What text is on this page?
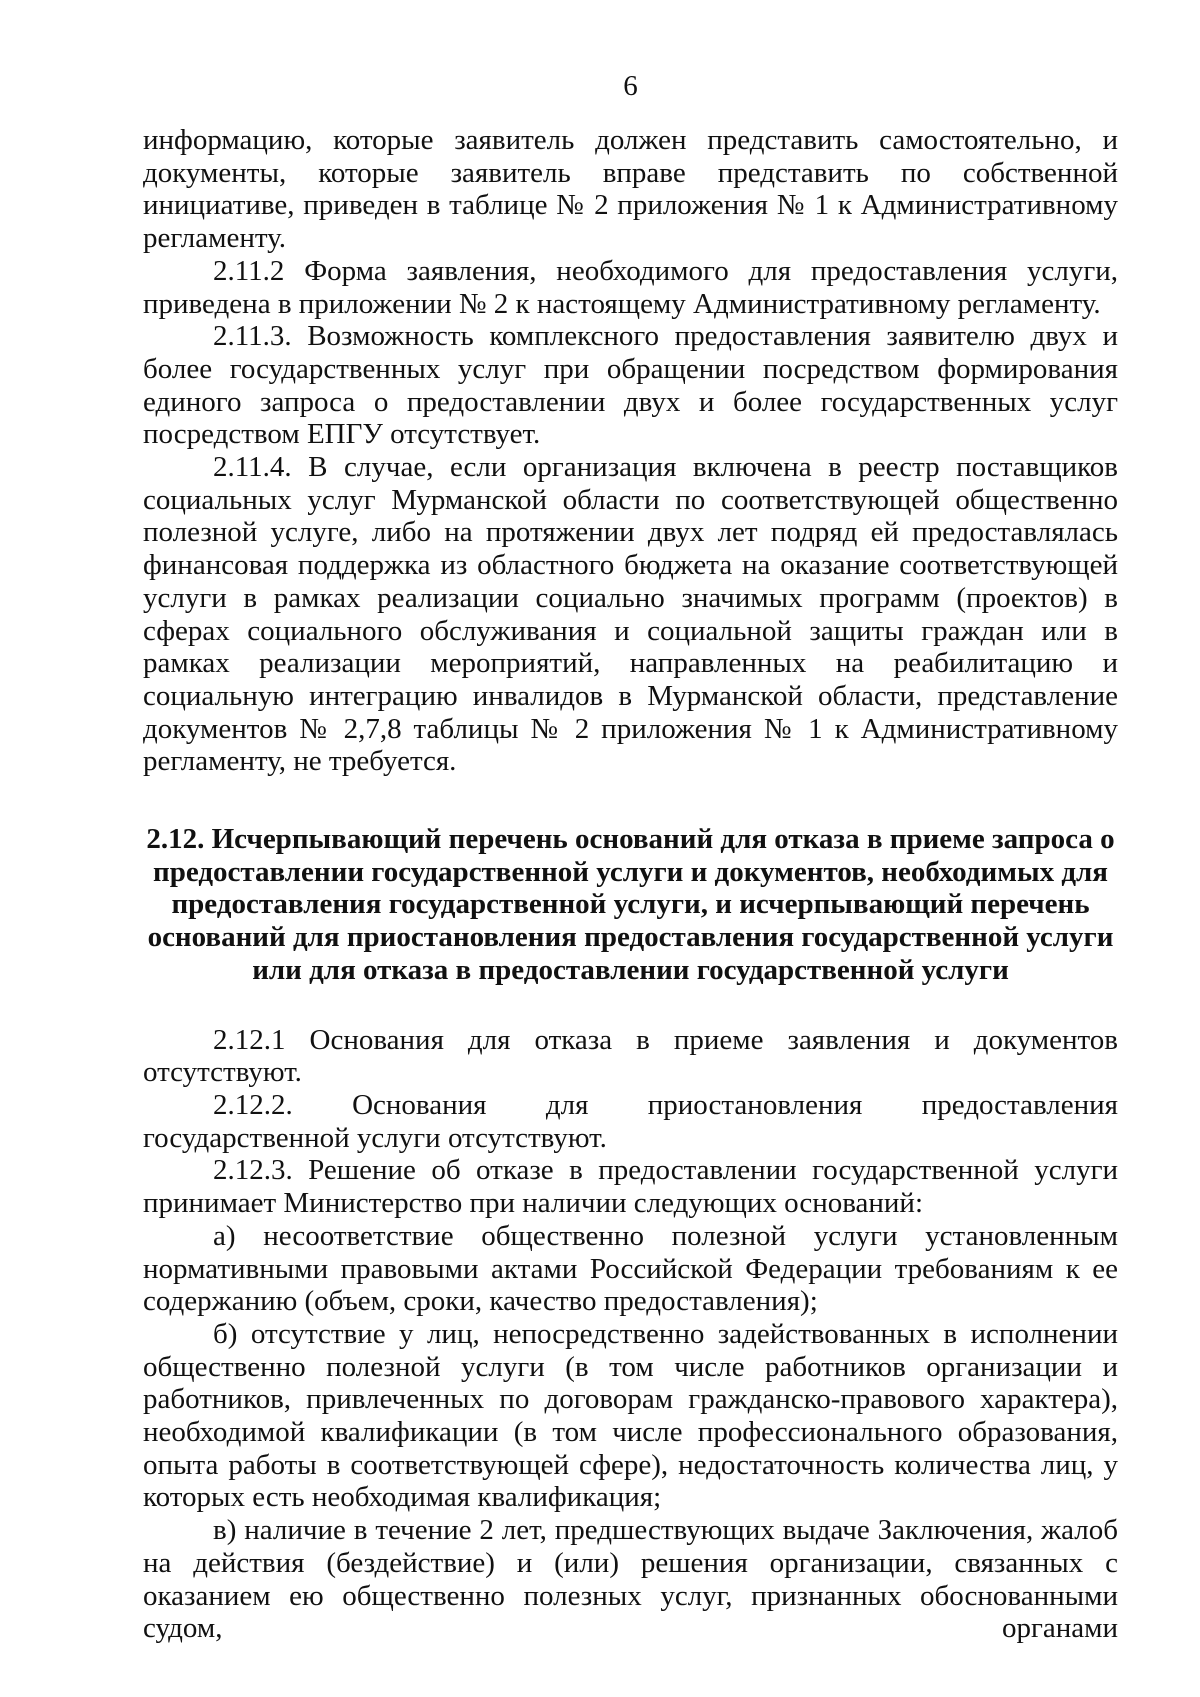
6

информацию, которые заявитель должен представить самостоятельно, и документы, которые заявитель вправе представить по собственной инициативе, приведен в таблице № 2 приложения № 1 к Административному регламенту.

2.11.2 Форма заявления, необходимого для предоставления услуги, приведена в приложении № 2 к настоящему Административному регламенту.

2.11.3. Возможность комплексного предоставления заявителю двух и более государственных услуг при обращении посредством формирования единого запроса о предоставлении двух и более государственных услуг посредством ЕПГУ отсутствует.

2.11.4. В случае, если организация включена в реестр поставщиков социальных услуг Мурманской области по соответствующей общественно полезной услуге, либо на протяжении двух лет подряд ей предоставлялась финансовая поддержка из областного бюджета на оказание соответствующей услуги в рамках реализации социально значимых программ (проектов) в сферах социального обслуживания и социальной защиты граждан или в рамках реализации мероприятий, направленных на реабилитацию и социальную интеграцию инвалидов в Мурманской области, представление документов № 2,7,8 таблицы № 2 приложения № 1 к Административному регламенту, не требуется.

2.12. Исчерпывающий перечень оснований для отказа в приеме запроса о
предоставлении государственной услуги и документов, необходимых для
предоставления государственной услуги, и исчерпывающий перечень
оснований для приостановления предоставления государственной услуги
или для отказа в предоставлении государственной услуги

2.12.1 Основания для отказа в приеме заявления и документов отсутствуют.

2.12.2. Основания для приостановления предоставления государственной услуги отсутствуют.

2.12.3. Решение об отказе в предоставлении государственной услуги принимает Министерство при наличии следующих оснований:

а) несоответствие общественно полезной услуги установленным нормативными правовыми актами Российской Федерации требованиям к ее содержанию (объем, сроки, качество предоставления);

б) отсутствие у лиц, непосредственно задействованных в исполнении общественно полезной услуги (в том числе работников организации и работников, привлеченных по договорам гражданско-правового характера), необходимой квалификации (в том числе профессионального образования, опыта работы в соответствующей сфере), недостаточность количества лиц, у которых есть необходимая квалификация;

в) наличие в течение 2 лет, предшествующих выдаче Заключения, жалоб на действия (бездействие) и (или) решения организации, связанных с оказанием ею общественно полезных услуг, признанных обоснованными судом, органами
